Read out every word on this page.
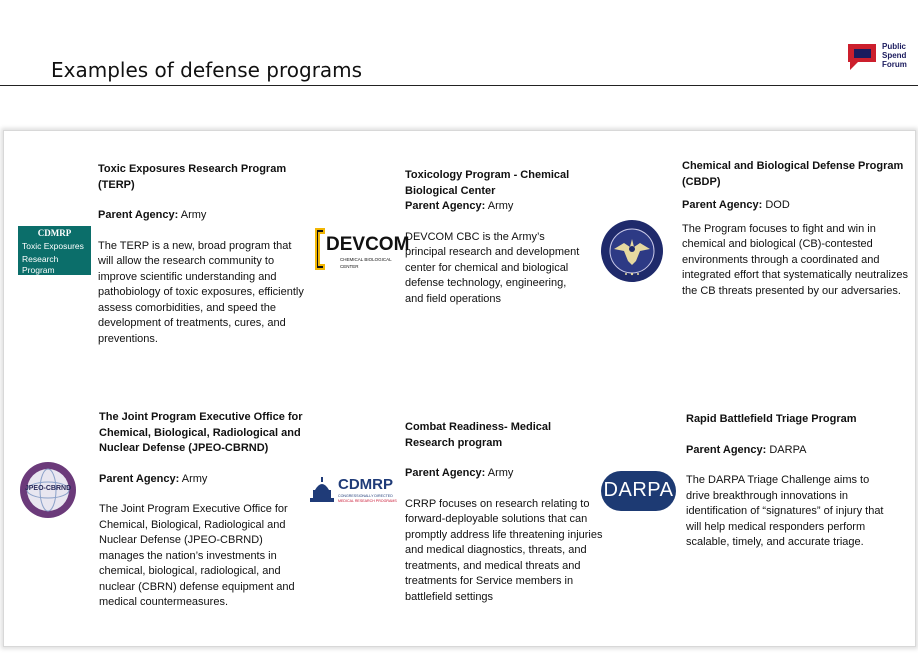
Examples of defense programs
Public
Spend
Forum
CDMRP
Toxic Exposures
Research Program
Toxic Exposures Research Program (TERP)
Parent Agency: Army
The TERP is a new, broad program that will allow the research community to improve scientific understanding and pathobiology of toxic exposures, efficiently assess comorbidities, and speed the development of treatments, cures, and preventions.
DEVCOM
CHEMICAL BIOLOGICAL
CENTER
Toxicology Program - Chemical Biological Center
Parent Agency: Army
DEVCOM CBC is the Army’s principal research and development center for chemical and biological defense technology, engineering, and field operations
Chemical and Biological Defense Program (CBDP)
Parent Agency: DOD
The Program focuses to fight and win in chemical and biological (CB)-contested environments through a coordinated and integrated effort that systematically neutralizes the CB threats presented by our adversaries.
JPEO-CBRND
The Joint Program Executive Office for Chemical, Biological, Radiological and Nuclear Defense (JPEO-CBRND)
Parent Agency: Army
The Joint Program Executive Office for Chemical, Biological, Radiological and Nuclear Defense (JPEO-CBRND) manages the nation’s investments in chemical, biological, radiological, and nuclear (CBRN) defense equipment and medical countermeasures.
CDMRP
CONGRESSIONALLY DIRECTED
MEDICAL RESEARCH PROGRAMS
Combat Readiness- Medical Research program
Parent Agency: Army
CRRP focuses on research relating to forward-deployable solutions that can promptly address life threatening injuries and medical diagnostics, threats, and treatments, and medical threats and treatments for Service members in battlefield settings
DARPA
Rapid Battlefield Triage Program
Parent Agency: DARPA
The DARPA Triage Challenge aims to drive breakthrough innovations in identification of “signatures” of injury that will help medical responders perform scalable, timely, and accurate triage.
